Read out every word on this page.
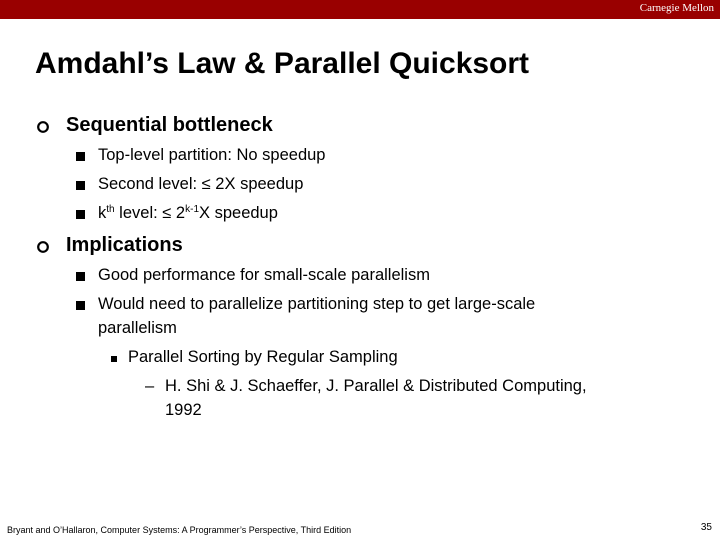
Carnegie Mellon
Amdahl’s Law & Parallel Quicksort
Sequential bottleneck
Top-level partition: No speedup
Second level: ≤ 2X speedup
$k^{th}$ level: ≤ $2^{k-1}X$ speedup
Implications
Good performance for small-scale parallelism
Would need to parallelize partitioning step to get large-scale
parallelism
Parallel Sorting by Regular Sampling
– H. Shi & J. Schaeffer, J. Parallel & Distributed Computing,
1992
Bryant and O’Hallaron, Computer Systems: A Programmer’s Perspective, Third Edition	35
